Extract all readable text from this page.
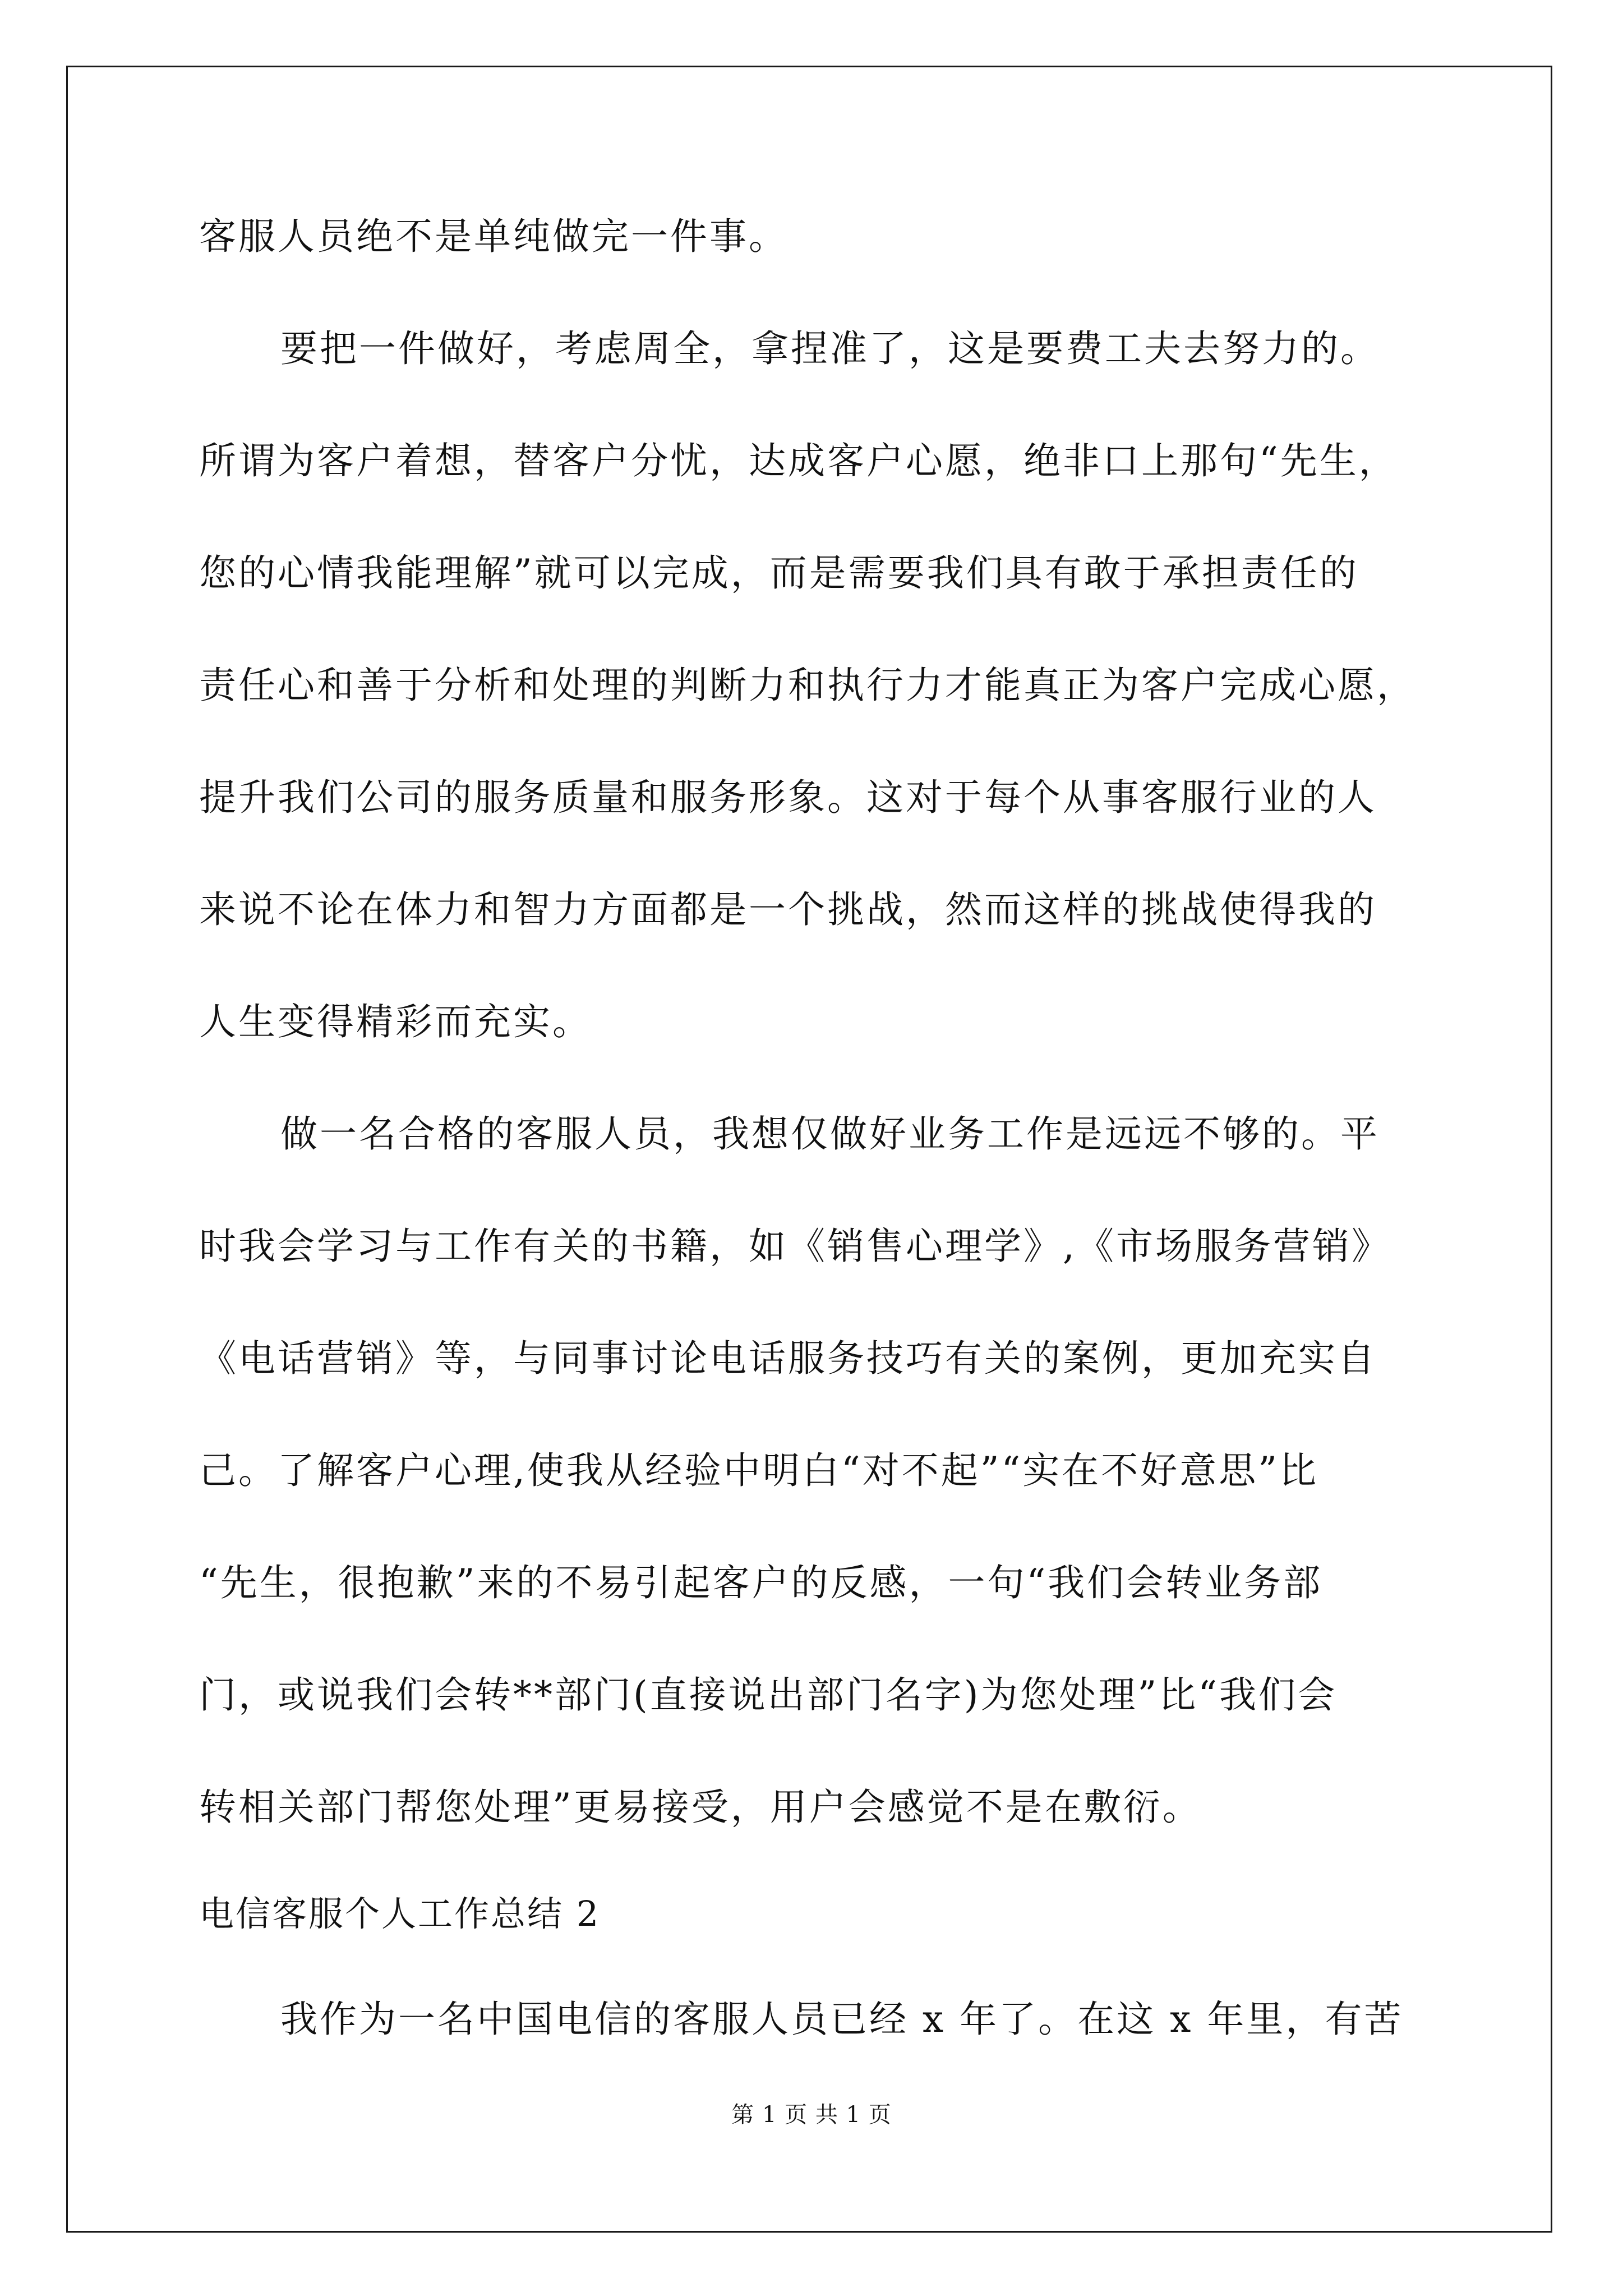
客服人员绝不是单纯做完一件事。
要把一件做好，考虑周全，拿捏准了，这是要费工夫去努力的。
所谓为客户着想，替客户分忧，达成客户心愿，绝非口上那句“先生，
您的心情我能理解”就可以完成，而是需要我们具有敢于承担责任的
责任心和善于分析和处理的判断力和执行力才能真正为客户完成心愿，
提升我们公司的服务质量和服务形象。这对于每个从事客服行业的人
来说不论在体力和智力方面都是一个挑战，然而这样的挑战使得我的
人生变得精彩而充实。
做一名合格的客服人员，我想仅做好业务工作是远远不够的。平
时我会学习与工作有关的书籍，如《销售心理学》,《市场服务营销》
《电话营销》等，与同事讨论电话服务技巧有关的案例，更加充实自
己。了解客户心理,使我从经验中明白“对不起”“实在不好意思”比
“先生，很抱歉”来的不易引起客户的反感，一句“我们会转业务部
门，或说我们会转**部门(直接说出部门名字)为您处理”比“我们会
转相关部门帮您处理”更易接受，用户会感觉不是在敷衍。
电信客服个人工作总结 2
我作为一名中国电信的客服人员已经 x 年了。在这 x 年里，有苦
第 1 页 共 1 页
